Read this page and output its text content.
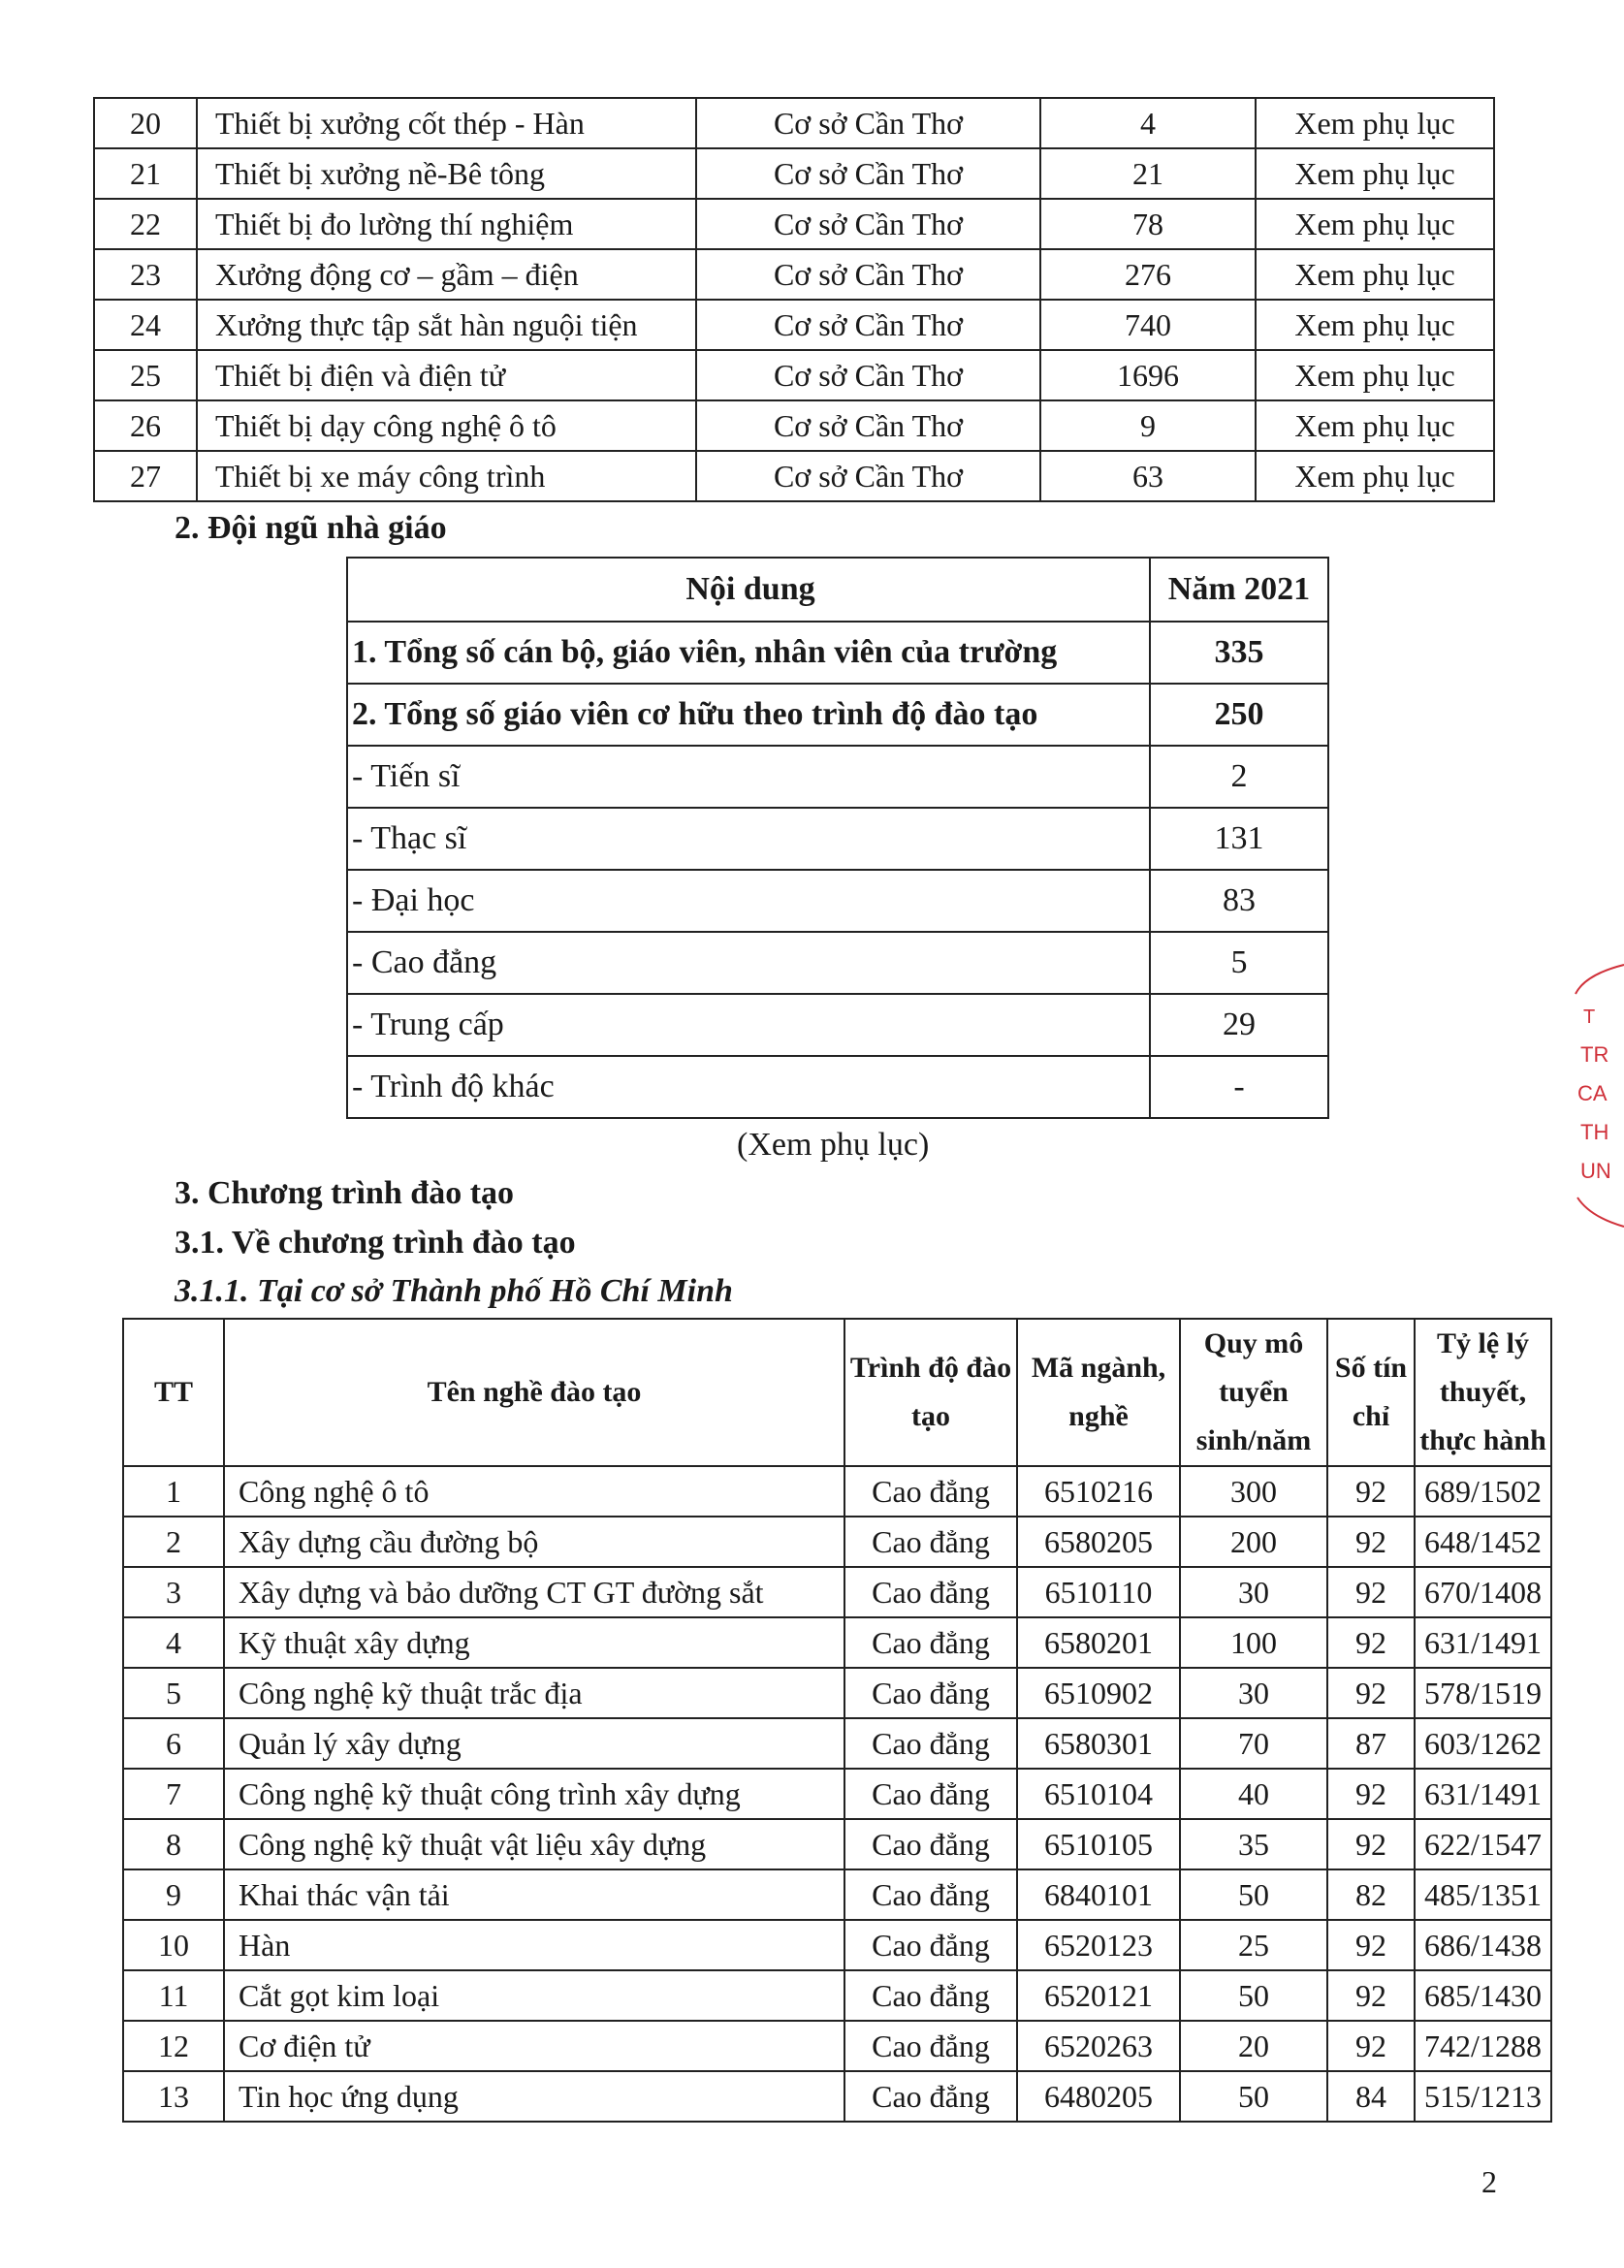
20	Thiết bị xưởng cốt thép - Hàn	Cơ sở Cần Thơ	4	Xem phụ lục
21	Thiết bị xưởng nề-Bê tông	Cơ sở Cần Thơ	21	Xem phụ lục
22	Thiết bị đo lường thí nghiệm	Cơ sở Cần Thơ	78	Xem phụ lục
23	Xưởng động cơ – gầm – điện	Cơ sở Cần Thơ	276	Xem phụ lục
24	Xưởng thực tập sắt hàn nguội tiện	Cơ sở Cần Thơ	740	Xem phụ lục
25	Thiết bị điện và điện tử	Cơ sở Cần Thơ	1696	Xem phụ lục
26	Thiết bị dạy công nghệ ô tô	Cơ sở Cần Thơ	9	Xem phụ lục
27	Thiết bị xe máy công trình	Cơ sở Cần Thơ	63	Xem phụ lục
2. Đội ngũ nhà giáo
Nội dung	Năm 2021
1. Tổng số cán bộ, giáo viên, nhân viên của trường	335
2. Tổng số giáo viên cơ hữu theo trình độ đào tạo	250
- Tiến sĩ	2
- Thạc sĩ	131
- Đại học	83
- Cao đẳng	5
- Trung cấp	29
- Trình độ khác	-
(Xem phụ lục)
3. Chương trình đào tạo
3.1. Về chương trình đào tạo
3.1.1. Tại cơ sở Thành phố Hồ Chí Minh
TT	Tên nghề đào tạo	Trình độ đào tạo	Mã ngành, nghề	Quy mô tuyển sinh/năm	Số tín chỉ	Tỷ lệ lý thuyết, thực hành
1	Công nghệ ô tô	Cao đẳng	6510216	300	92	689/1502
2	Xây dựng cầu đường bộ	Cao đẳng	6580205	200	92	648/1452
3	Xây dựng và bảo dưỡng CT GT đường sắt	Cao đẳng	6510110	30	92	670/1408
4	Kỹ thuật xây dựng	Cao đẳng	6580201	100	92	631/1491
5	Công nghệ kỹ thuật trắc địa	Cao đẳng	6510902	30	92	578/1519
6	Quản lý xây dựng	Cao đẳng	6580301	70	87	603/1262
7	Công nghệ kỹ thuật công trình xây dựng	Cao đẳng	6510104	40	92	631/1491
8	Công nghệ kỹ thuật vật liệu xây dựng	Cao đẳng	6510105	35	92	622/1547
9	Khai thác vận tải	Cao đẳng	6840101	50	82	485/1351
10	Hàn	Cao đẳng	6520123	25	92	686/1438
11	Cắt gọt kim loại	Cao đẳng	6520121	50	92	685/1430
12	Cơ điện tử	Cao đẳng	6520263	20	92	742/1288
13	Tin học ứng dụng	Cao đẳng	6480205	50	84	515/1213
2
T
TR
CA
TH
UN
